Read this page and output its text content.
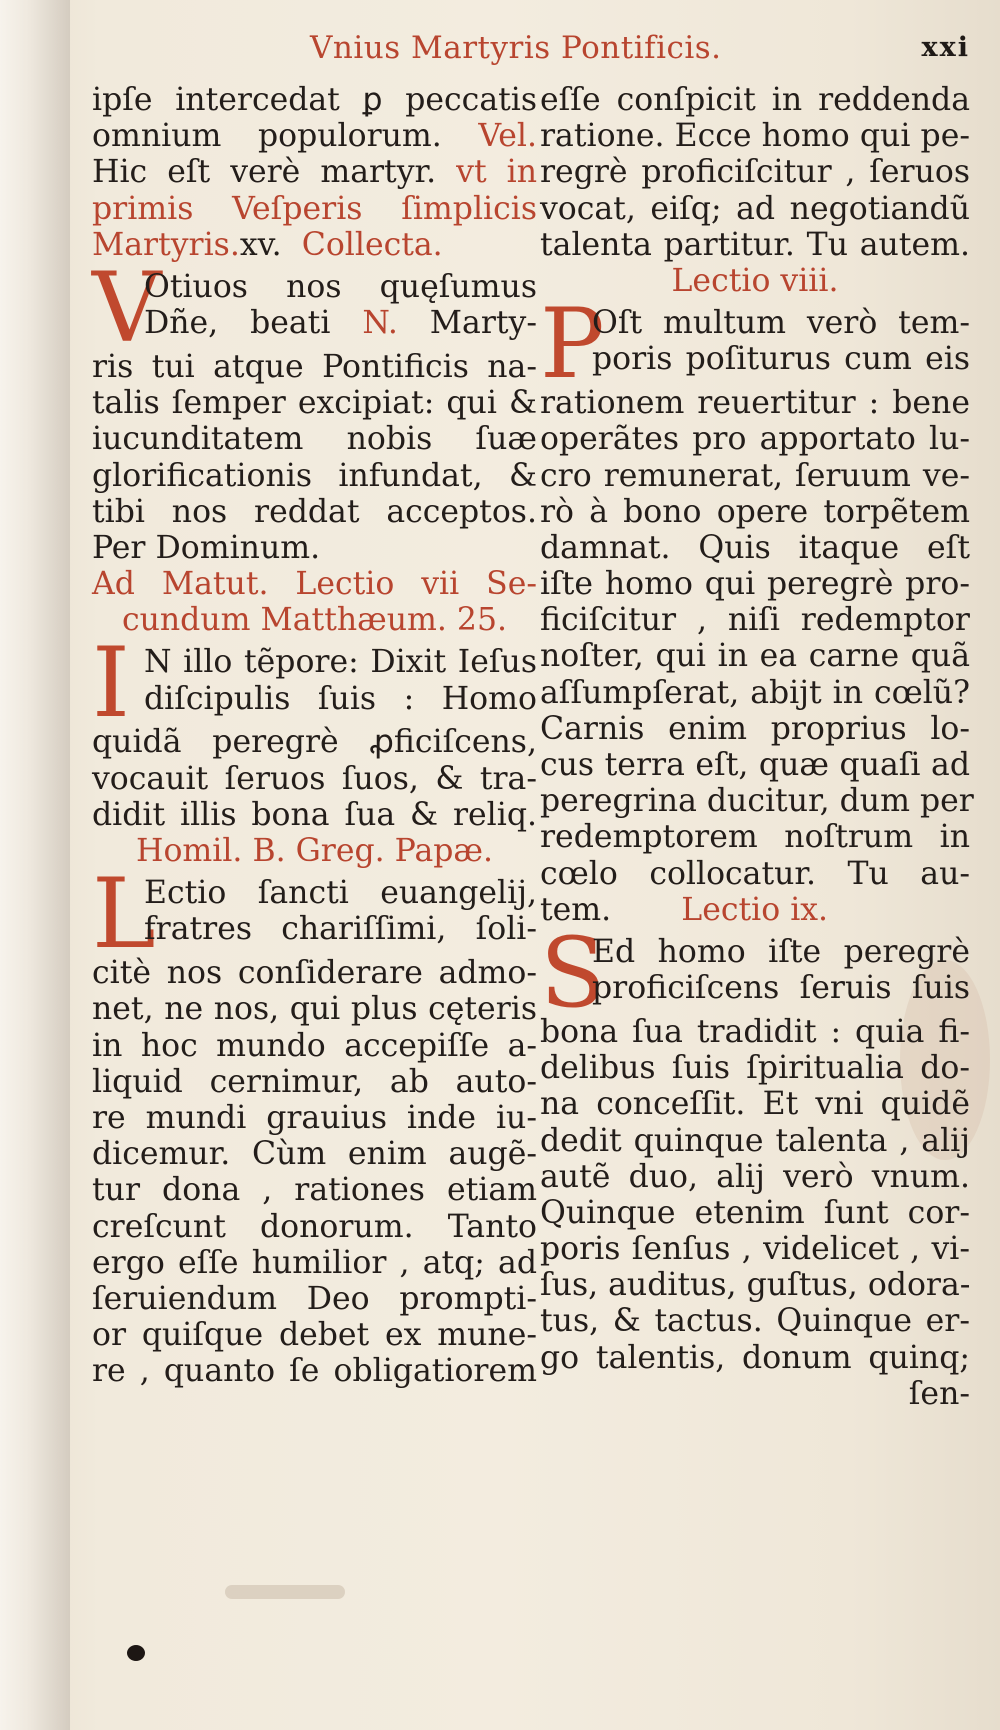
Vnius Martyris Pontificis.	xxi
ipſe intercedat ꝑ peccatis
omnium populorum. Vel.
Hic eſt verè martyr. vt in
primis Veſperis ſimplicis
Martyris.xv. Collecta.
V
Otiuos nos quęſumus
Dñe, beati N. Marty-
ris tui atque Pontificis na-
talis ſemper excipiat: qui &
iucunditatem nobis ſuæ
glorificationis infundat, &
tibi nos reddat acceptos.
Per Dominum.
Ad Matut. Lectio vii Se-
cundum Matthæum. 25.
I N illo tẽpore: Dixit Ieſus
diſcipulis ſuis : Homo
quidã peregrè ꝓficiſcens,
vocauit ſeruos ſuos, & tra-
didit illis bona ſua & reliq.
Homil. B. Greg. Papæ.
L
Ectio ſancti euangelij,
fratres chariſſimi, ſoli-
citè nos conſiderare admo-
net, ne nos, qui plus cęteris
in hoc mundo accepiſſe a-
liquid cernimur, ab auto-
re mundi grauius inde iu-
dicemur. Cùm enim augẽ-
tur dona , rationes etiam
creſcunt donorum. Tanto
ergo eſſe humilior , atq; ad
ſeruiendum Deo prompti-
or quiſque debet ex mune-
re , quanto ſe obligatiorem
eſſe conſpicit in reddenda
ratione. Ecce homo qui pe-
regrè proficiſcitur , ſeruos
vocat, eiſq; ad negotiandũ
talenta partitur. Tu autem.
Lectio viii.
P
Oſt multum verò tem-
poris poſiturus cum eis
rationem reuertitur : bene
operãtes pro apportato lu-
cro remunerat, ſeruum ve-
rò à bono opere torpẽtem
damnat. Quis itaque eſt
iſte homo qui peregrè pro-
ficiſcitur , niſi redemptor
noſter, qui in ea carne quã
aſſumpſerat, abijt in cœlũ?
Carnis enim proprius lo-
cus terra eſt, quæ quaſi ad
peregrina ducitur, dum per
redemptorem noſtrum in
cœlo collocatur. Tu au-
tem. Lectio ix.
S
Ed homo iſte peregrè
proficiſcens ſeruis ſuis
bona ſua tradidit : quia fi-
delibus ſuis ſpiritualia do-
na conceſſit. Et vni quidẽ
dedit quinque talenta , alij
autẽ duo, alij verò vnum.
Quinque etenim ſunt cor-
poris ſenſus , videlicet , vi-
ſus, auditus, guſtus, odora-
tus, & tactus. Quinque er-
go talentis, donum quinq;
ſen-
